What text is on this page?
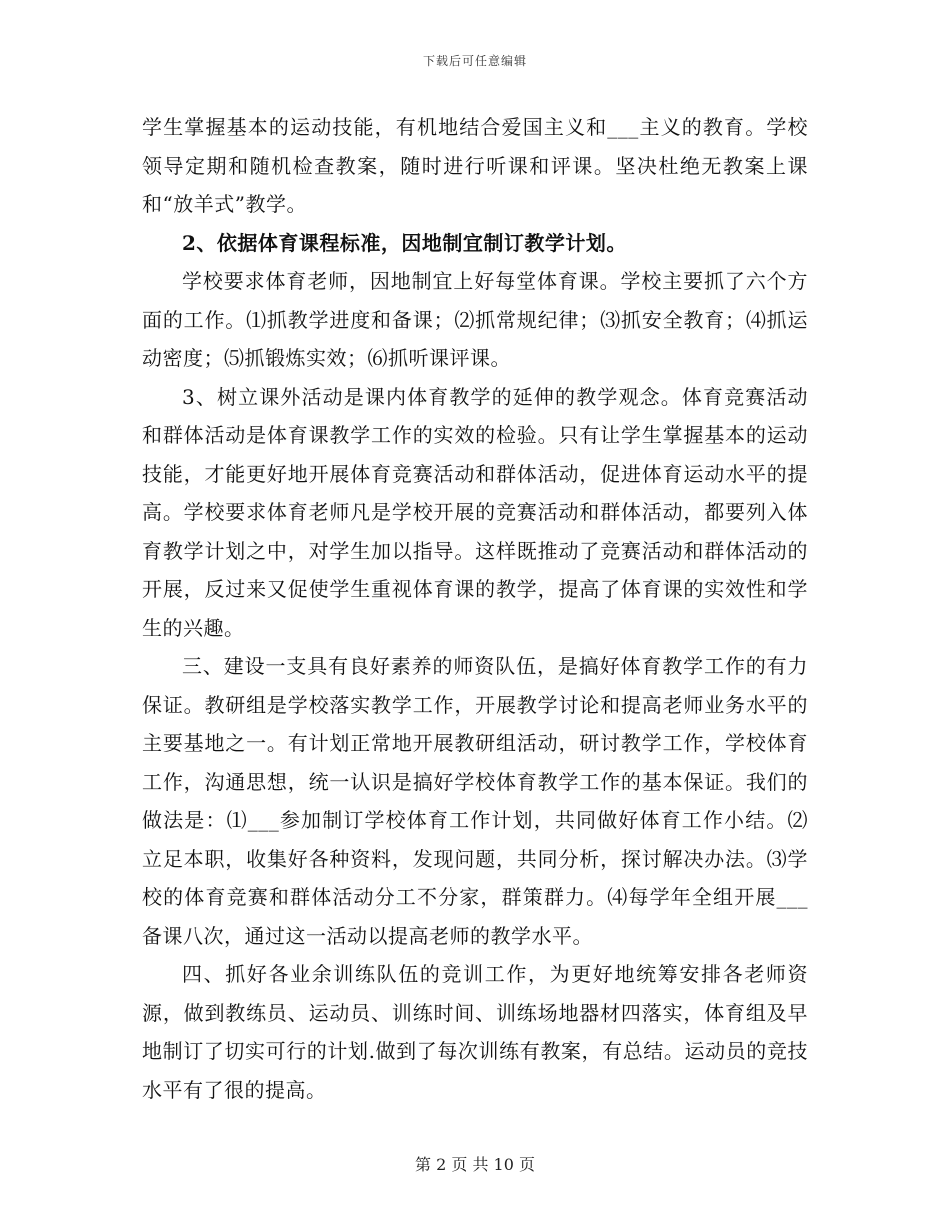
下载后可任意编辑

学生掌握基本的运动技能，有机地结合爱国主义和___主义的教育。学校领导定期和随机检查教案，随时进行听课和评课。坚决杜绝无教案上课和“放羊式”教学。

2、依据体育课程标准，因地制宜制订教学计划。

学校要求体育老师，因地制宜上好每堂体育课。学校主要抓了六个方面的工作。⑴抓教学进度和备课；⑵抓常规纪律；⑶抓安全教育；⑷抓运动密度；⑸抓锻炼实效；⑹抓听课评课。

3、树立课外活动是课内体育教学的延伸的教学观念。体育竞赛活动和群体活动是体育课教学工作的实效的检验。只有让学生掌握基本的运动技能，才能更好地开展体育竞赛活动和群体活动，促进体育运动水平的提高。学校要求体育老师凡是学校开展的竞赛活动和群体活动，都要列入体育教学计划之中，对学生加以指导。这样既推动了竞赛活动和群体活动的开展，反过来又促使学生重视体育课的教学，提高了体育课的实效性和学生的兴趣。

三、建设一支具有良好素养的师资队伍，是搞好体育教学工作的有力保证。教研组是学校落实教学工作，开展教学讨论和提高老师业务水平的主要基地之一。有计划正常地开展教研组活动，研讨教学工作，学校体育工作，沟通思想，统一认识是搞好学校体育教学工作的基本保证。我们的做法是：⑴___参加制订学校体育工作计划，共同做好体育工作小结。⑵立足本职，收集好各种资料，发现问题，共同分析，探讨解决办法。⑶学校的体育竞赛和群体活动分工不分家，群策群力。⑷每学年全组开展___备课八次，通过这一活动以提高老师的教学水平。

四、抓好各业余训练队伍的竞训工作，为更好地统筹安排各老师资源，做到教练员、运动员、训练时间、训练场地器材四落实，体育组及早地制订了切实可行的计划.做到了每次训练有教案，有总结。运动员的竞技水平有了很的提高。

第 2 页 共 10 页
